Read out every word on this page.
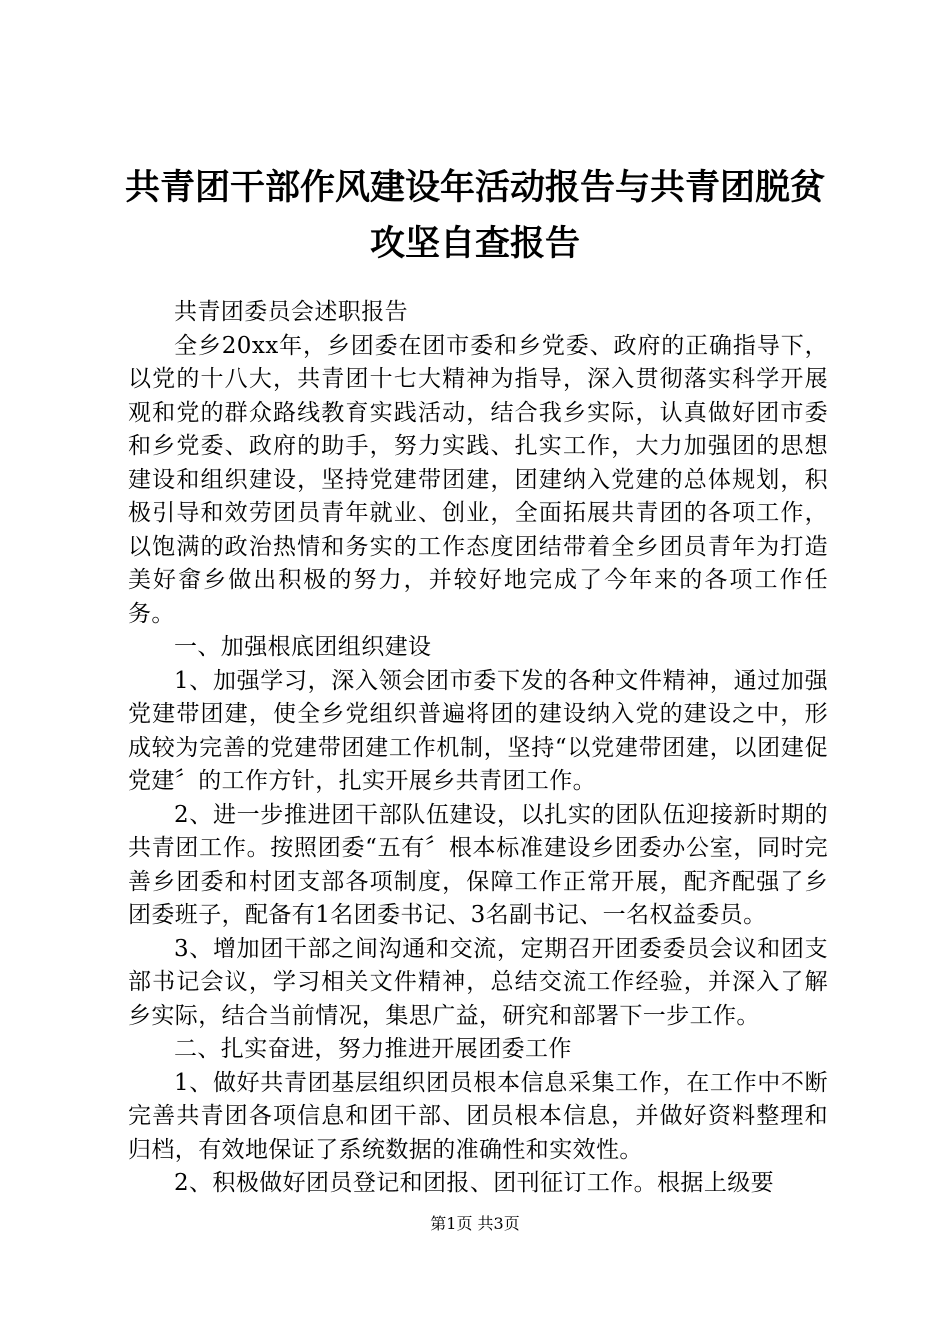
共青团干部作风建设年活动报告与共青团脱贫
攻坚自查报告

共青团委员会述职报告

全乡20xx年，乡团委在团市委和乡党委、政府的正确指导下，以党的十八大，共青团十七大精神为指导，深入贯彻落实科学开展观和党的群众路线教育实践活动，结合我乡实际，认真做好团市委和乡党委、政府的助手，努力实践、扎实工作，大力加强团的思想建设和组织建设，坚持党建带团建，团建纳入党建的总体规划，积极引导和效劳团员青年就业、创业，全面拓展共青团的各项工作，以饱满的政治热情和务实的工作态度团结带着全乡团员青年为打造美好畲乡做出积极的努力，并较好地完成了今年来的各项工作任务。

一、加强根底团组织建设

1、加强学习，深入领会团市委下发的各种文件精神，通过加强党建带团建，使全乡党组织普遍将团的建设纳入党的建设之中，形成较为完善的党建带团建工作机制，坚持“以党建带团建，以团建促党建〞的工作方针，扎实开展乡共青团工作。

2、进一步推进团干部队伍建设，以扎实的团队伍迎接新时期的共青团工作。按照团委“五有〞根本标准建设乡团委办公室，同时完善乡团委和村团支部各项制度，保障工作正常开展，配齐配强了乡团委班子，配备有1名团委书记、3名副书记、一名权益委员。

3、增加团干部之间沟通和交流，定期召开团委委员会议和团支部书记会议，学习相关文件精神，总结交流工作经验，并深入了解乡实际，结合当前情况，集思广益，研究和部署下一步工作。

二、扎实奋进，努力推进开展团委工作

1、做好共青团基层组织团员根本信息采集工作，在工作中不断完善共青团各项信息和团干部、团员根本信息，并做好资料整理和归档，有效地保证了系统数据的准确性和实效性。

2、积极做好团员登记和团报、团刊征订工作。根据上级要

第1页 共3页
